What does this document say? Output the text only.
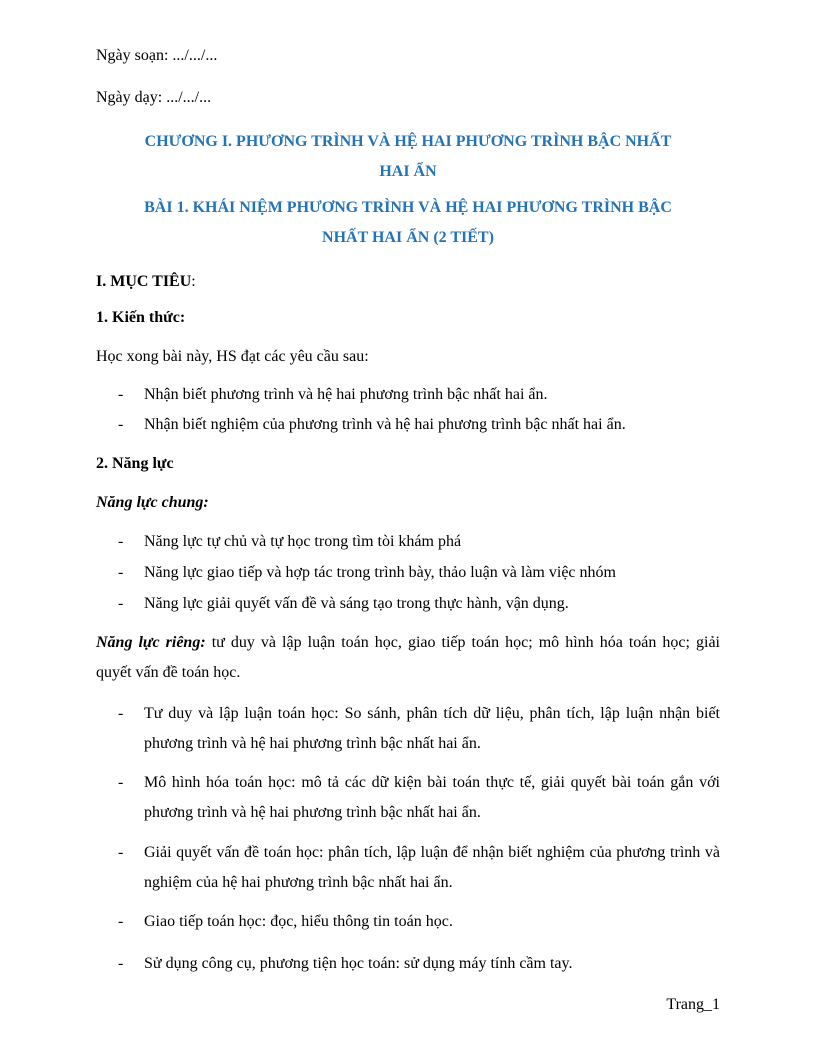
Ngày soạn: .../.../...

Ngày dạy: .../.../...

CHƯƠNG I. PHƯƠNG TRÌNH VÀ HỆ HAI PHƯƠNG TRÌNH BẬC NHẤT
HAI ẨN
BÀI 1. KHÁI NIỆM PHƯƠNG TRÌNH VÀ HỆ HAI PHƯƠNG TRÌNH BẬC
NHẤT HAI ẨN (2 TIẾT)

I. MỤC TIÊU:

1. Kiến thức:

Học xong bài này, HS đạt các yêu cầu sau:

- Nhận biết phương trình và hệ hai phương trình bậc nhất hai ẩn.
- Nhận biết nghiệm của phương trình và hệ hai phương trình bậc nhất hai ẩn.

2. Năng lực

Năng lực chung:

- Năng lực tự chủ và tự học trong tìm tòi khám phá
- Năng lực giao tiếp và hợp tác trong trình bày, thảo luận và làm việc nhóm
- Năng lực giải quyết vấn đề và sáng tạo trong thực hành, vận dụng.

Năng lực riêng: tư duy và lập luận toán học, giao tiếp toán học; mô hình hóa toán học; giải quyết vấn đề toán học.

- Tư duy và lập luận toán học: So sánh, phân tích dữ liệu, phân tích, lập luận nhận biết phương trình và hệ hai phương trình bậc nhất hai ẩn.
- Mô hình hóa toán học: mô tả các dữ kiện bài toán thực tế, giải quyết bài toán gắn với phương trình và hệ hai phương trình bậc nhất hai ẩn.
- Giải quyết vấn đề toán học: phân tích, lập luận để nhận biết nghiệm của phương trình và nghiệm của hệ hai phương trình bậc nhất hai ẩn.
- Giao tiếp toán học: đọc, hiểu thông tin toán học.
- Sử dụng công cụ, phương tiện học toán: sử dụng máy tính cầm tay.
Trang_1
